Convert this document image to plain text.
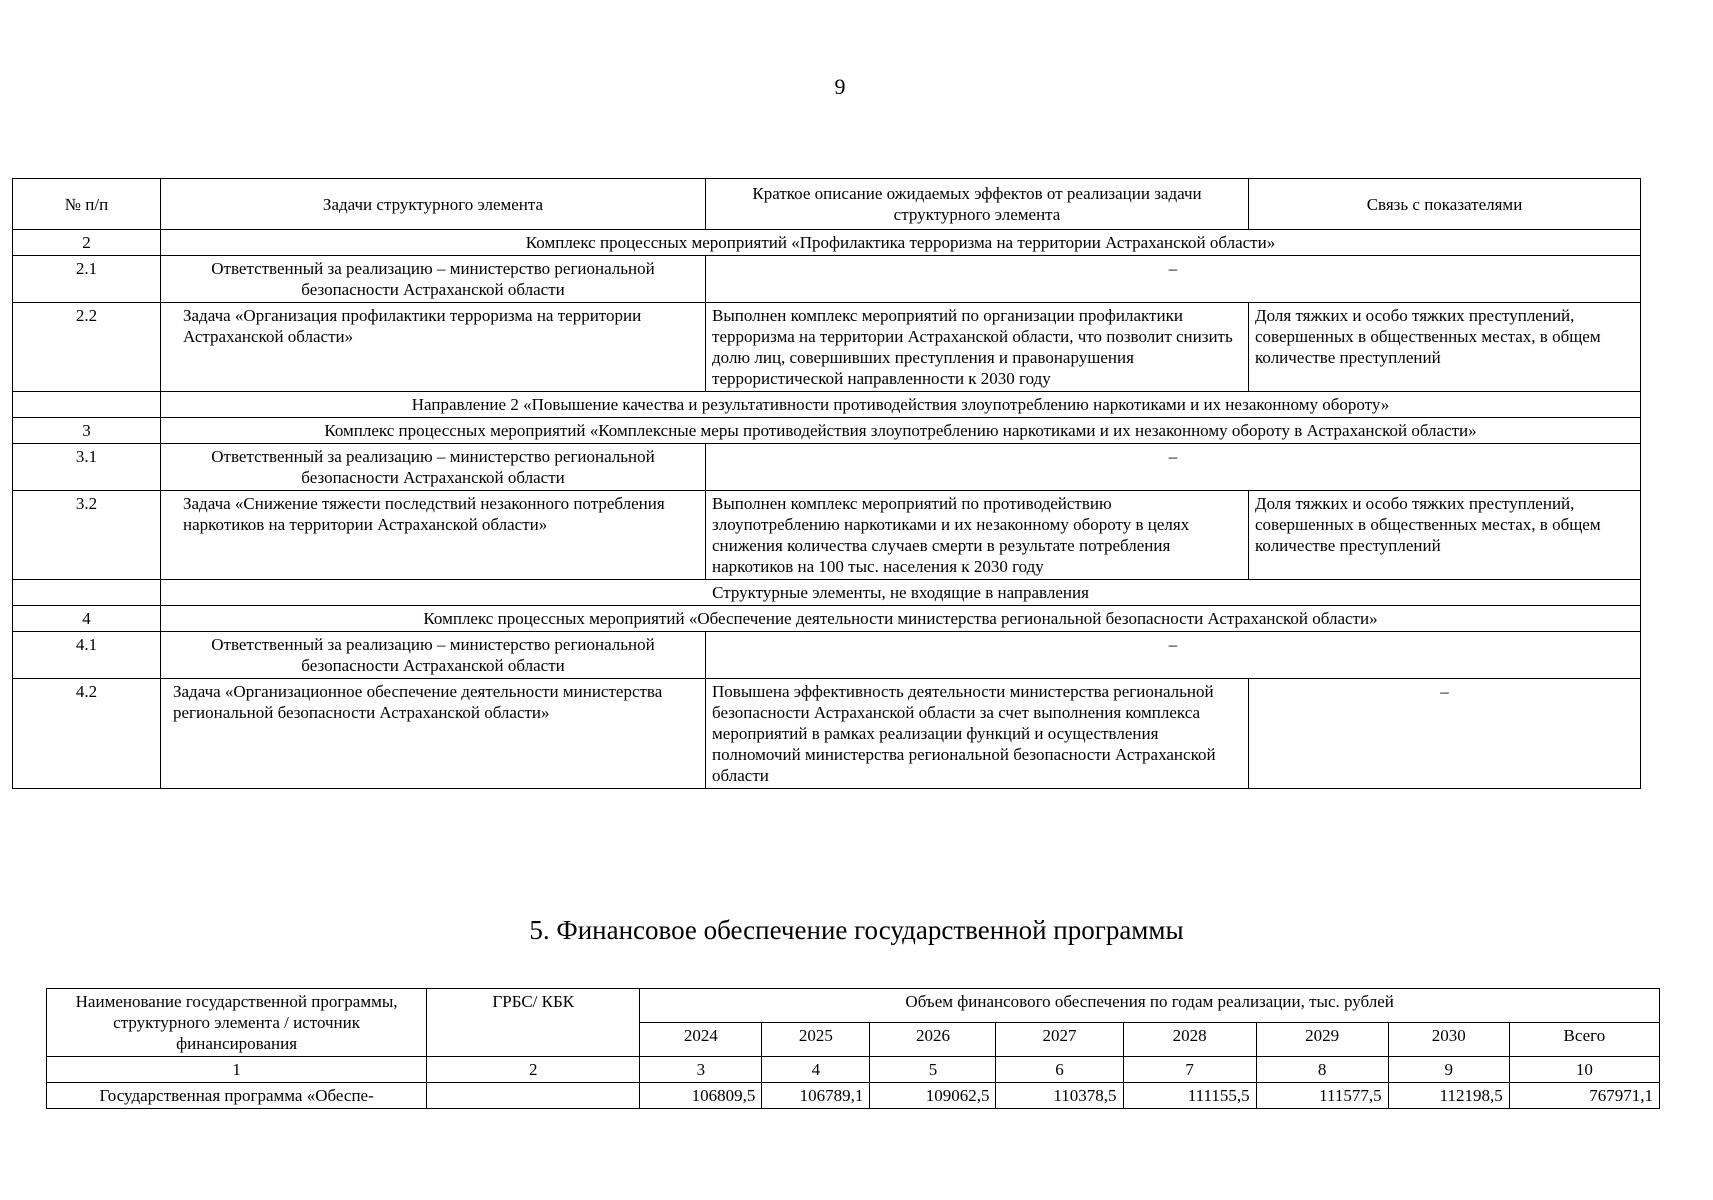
9
№ п/п	Задачи структурного элемента	Краткое описание ожидаемых эффектов от реализации задачи структурного элемента	Связь с показателями
2	Комплекс процессных мероприятий «Профилактика терроризма на территории Астраханской области»		
2.1	Ответственный за реализацию – министерство региональной безопасности Астраханской области	–	
2.2	Задача «Организация профилактики терроризма на территории Астраханской области»	Выполнен комплекс мероприятий по организации профилактики терроризма на территории Астраханской области, что позволит снизить долю лиц, совершивших преступления и правонарушения террористической направленности к 2030 году	Доля тяжких и особо тяжких преступлений, совершенных в общественных местах, в общем количестве преступлений
	Направление 2 «Повышение качества и результативности противодействия злоупотреблению наркотиками и их незаконному обороту»		
3	Комплекс процессных мероприятий «Комплексные меры противодействия злоупотреблению наркотиками и их незаконному обороту в Астраханской области»		
3.1	Ответственный за реализацию – министерство региональной безопасности Астраханской области	–	
3.2	Задача «Снижение тяжести последствий незаконного потребления наркотиков на территории Астраханской области»	Выполнен комплекс мероприятий по противодействию злоупотреблению наркотиками и их незаконному обороту в целях снижения количества случаев смерти в результате потребления наркотиков на 100 тыс. населения к 2030 году	Доля тяжких и особо тяжких преступлений, совершенных в общественных местах, в общем количестве преступлений
	Структурные элементы, не входящие в направления		
4	Комплекс процессных мероприятий «Обеспечение деятельности министерства региональной безопасности Астраханской области»		
4.1	Ответственный за реализацию – министерство региональной безопасности Астраханской области	–	
4.2	Задача «Организационное обеспечение деятельности министерства региональной безопасности Астраханской области»	Повышена эффективность деятельности министерства региональной безопасности Астраханской области за счет выполнения комплекса мероприятий в рамках реализации функций и осуществления полномочий министерства региональной безопасности Астраханской области	–
5. Финансовое обеспечение государственной программы
Наименование государственной программы, структурного элемента / источник финансирования	ГРБС/ КБК	Объем финансового обеспечения по годам реализации, тыс. рублей							
		2024	2025	2026	2027	2028	2029	2030	Всего
1	2	3	4	5	6	7	8	9	10
Государственная программа «Обеспе-		106809,5	106789,1	109062,5	110378,5	111155,5	111577,5	112198,5	767971,1
